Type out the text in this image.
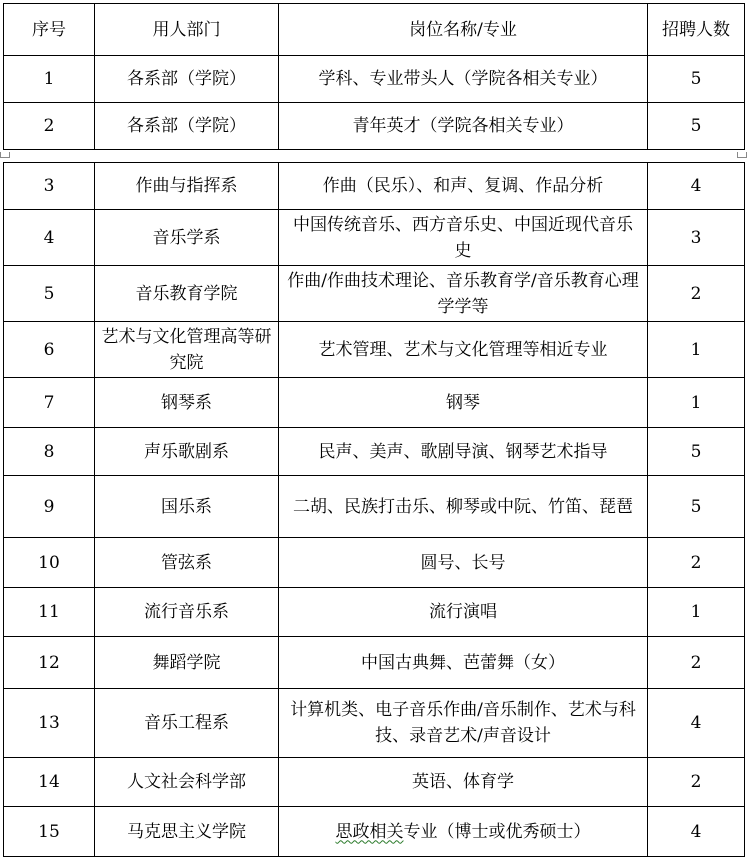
序号	用人部门	岗位名称/专业	招聘人数
1	各系部（学院）	学科、专业带头人（学院各相关专业）	5
2	各系部（学院）	青年英才（学院各相关专业）	5
3	作曲与指挥系	作曲（民乐）、和声、复调、作品分析	4
4	音乐学系	中国传统音乐、西方音乐史、中国近现代音乐史	3
5	音乐教育学院	作曲/作曲技术理论、音乐教育学/音乐教育心理学学等	2
6	艺术与文化管理高等研究院	艺术管理、艺术与文化管理等相近专业	1
7	钢琴系	钢琴	1
8	声乐歌剧系	民声、美声、歌剧导演、钢琴艺术指导	5
9	国乐系	二胡、民族打击乐、柳琴或中阮、竹笛、琵琶	5
10	管弦系	圆号、长号	2
11	流行音乐系	流行演唱	1
12	舞蹈学院	中国古典舞、芭蕾舞（女）	2
13	音乐工程系	计算机类、电子音乐作曲/音乐制作、艺术与科技、录音艺术/声音设计	4
14	人文社会科学部	英语、体育学	2
15	马克思主义学院	思政相关专业（博士或优秀硕士）	4
